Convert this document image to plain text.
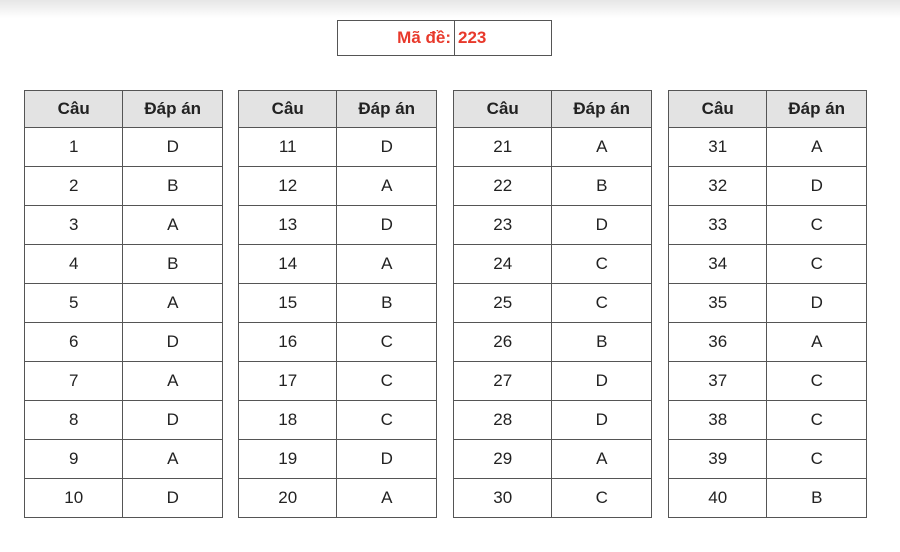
Mã đề: 223
Câu	Đáp án
1	D
2	B
3	A
4	B
5	A
6	D
7	A
8	D
9	A
10	D
Câu	Đáp án
11	D
12	A
13	D
14	A
15	B
16	C
17	C
18	C
19	D
20	A
Câu	Đáp án
21	A
22	B
23	D
24	C
25	C
26	B
27	D
28	D
29	A
30	C
Câu	Đáp án
31	A
32	D
33	C
34	C
35	D
36	A
37	C
38	C
39	C
40	B
